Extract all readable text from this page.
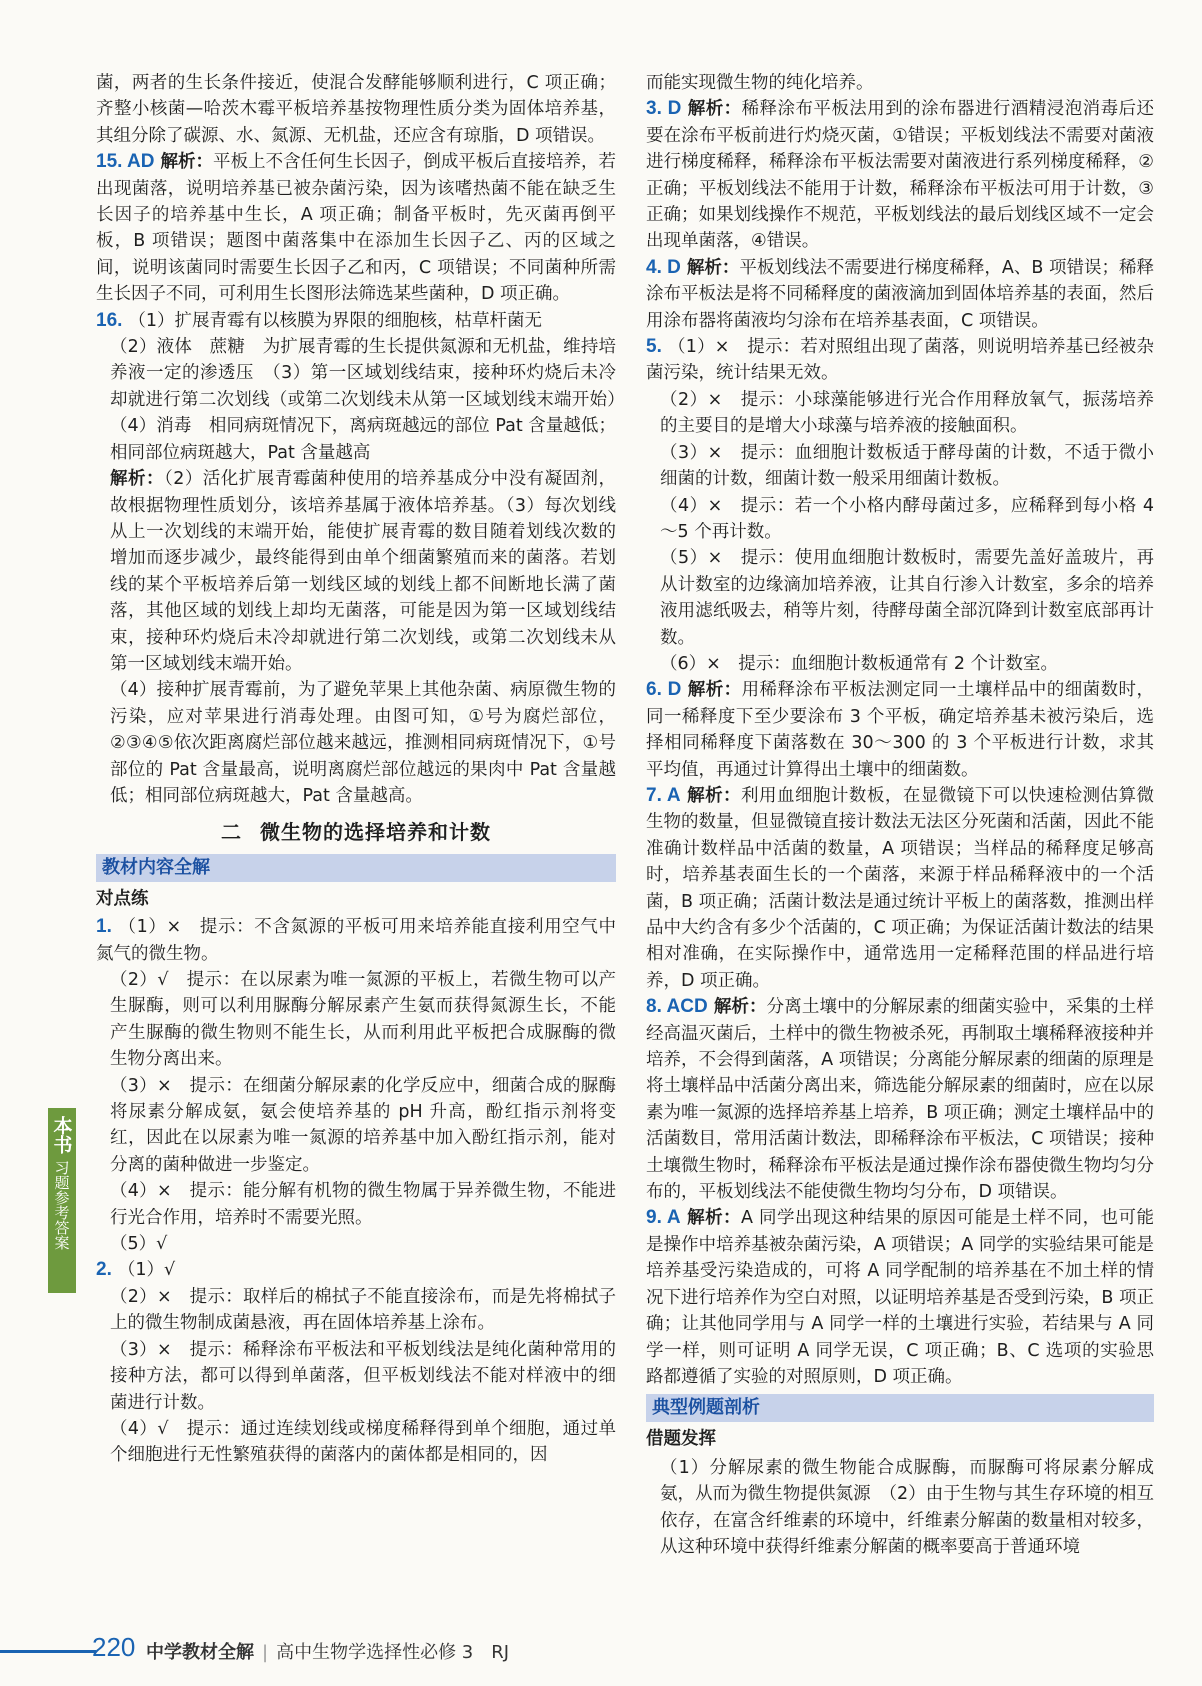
菌，两者的生长条件接近，使混合发酵能够顺利进行，C 项正确；齐整小核菌—哈茨木霉平板培养基按物理性质分类为固体培养基，其组分除了碳源、水、氮源、无机盐，还应含有琼脂，D 项错误。

15. AD 解析：平板上不含任何生长因子，倒成平板后直接培养，若出现菌落，说明培养基已被杂菌污染，因为该嗜热菌不能在缺乏生长因子的培养基中生长，A 项正确；制备平板时，先灭菌再倒平板，B 项错误；题图中菌落集中在添加生长因子乙、丙的区域之间，说明该菌同时需要生长因子乙和丙，C 项错误；不同菌种所需生长因子不同，可利用生长图形法筛选某些菌种，D 项正确。

16. （1）扩展青霉有以核膜为界限的细胞核，枯草杆菌无

（2）液体　蔗糖　为扩展青霉的生长提供氮源和无机盐，维持培养液一定的渗透压　（3）第一区域划线结束，接种环灼烧后未冷却就进行第二次划线（或第二次划线未从第一区域划线末端开始）（4）消毒　相同病斑情况下，离病斑越远的部位 Pat 含量越低；相同部位病斑越大，Pat 含量越高

解析：（2）活化扩展青霉菌种使用的培养基成分中没有凝固剂，故根据物理性质划分，该培养基属于液体培养基。（3）每次划线从上一次划线的末端开始，能使扩展青霉的数目随着划线次数的增加而逐步减少，最终能得到由单个细菌繁殖而来的菌落。若划线的某个平板培养后第一划线区域的划线上都不间断地长满了菌落，其他区域的划线上却均无菌落，可能是因为第一区域划线结束，接种环灼烧后未冷却就进行第二次划线，或第二次划线未从第一区域划线末端开始。

（4）接种扩展青霉前，为了避免苹果上其他杂菌、病原微生物的污染，应对苹果进行消毒处理。由图可知，①号为腐烂部位，②③④⑤依次距离腐烂部位越来越远，推测相同病斑情况下，①号部位的 Pat 含量最高，说明离腐烂部位越远的果肉中 Pat 含量越低；相同部位病斑越大，Pat 含量越高。

二 微生物的选择培养和计数
教材内容全解
对点练

1. （1）×　提示：不含氮源的平板可用来培养能直接利用空气中氮气的微生物。

（2）√　提示：在以尿素为唯一氮源的平板上，若微生物可以产生脲酶，则可以利用脲酶分解尿素产生氨而获得氮源生长，不能产生脲酶的微生物则不能生长，从而利用此平板把合成脲酶的微生物分离出来。

（3）×　提示：在细菌分解尿素的化学反应中，细菌合成的脲酶将尿素分解成氨，氨会使培养基的 pH 升高，酚红指示剂将变红，因此在以尿素为唯一氮源的培养基中加入酚红指示剂，能对分离的菌种做进一步鉴定。

（4）×　提示：能分解有机物的微生物属于异养微生物，不能进行光合作用，培养时不需要光照。

（5）√

2. （1）√

（2）×　提示：取样后的棉拭子不能直接涂布，而是先将棉拭子上的微生物制成菌悬液，再在固体培养基上涂布。

（3）×　提示：稀释涂布平板法和平板划线法是纯化菌种常用的接种方法，都可以得到单菌落，但平板划线法不能对样液中的细菌进行计数。

（4）√　提示：通过连续划线或梯度稀释得到单个细胞，通过单个细胞进行无性繁殖获得的菌落内的菌体都是相同的，因

而能实现微生物的纯化培养。

3. D 解析：稀释涂布平板法用到的涂布器进行酒精浸泡消毒后还要在涂布平板前进行灼烧灭菌，①错误；平板划线法不需要对菌液进行梯度稀释，稀释涂布平板法需要对菌液进行系列梯度稀释，②正确；平板划线法不能用于计数，稀释涂布平板法可用于计数，③正确；如果划线操作不规范，平板划线法的最后划线区域不一定会出现单菌落，④错误。

4. D 解析：平板划线法不需要进行梯度稀释，A、B 项错误；稀释涂布平板法是将不同稀释度的菌液滴加到固体培养基的表面，然后用涂布器将菌液均匀涂布在培养基表面，C 项错误。

5. （1）×　提示：若对照组出现了菌落，则说明培养基已经被杂菌污染，统计结果无效。

（2）×　提示：小球藻能够进行光合作用释放氧气，振荡培养的主要目的是增大小球藻与培养液的接触面积。

（3）×　提示：血细胞计数板适于酵母菌的计数，不适于微小细菌的计数，细菌计数一般采用细菌计数板。

（4）×　提示：若一个小格内酵母菌过多，应稀释到每小格 4～5 个再计数。

（5）×　提示：使用血细胞计数板时，需要先盖好盖玻片，再从计数室的边缘滴加培养液，让其自行渗入计数室，多余的培养液用滤纸吸去，稍等片刻，待酵母菌全部沉降到计数室底部再计数。

（6）×　提示：血细胞计数板通常有 2 个计数室。

6. D 解析：用稀释涂布平板法测定同一土壤样品中的细菌数时，同一稀释度下至少要涂布 3 个平板，确定培养基未被污染后，选择相同稀释度下菌落数在 30～300 的 3 个平板进行计数，求其平均值，再通过计算得出土壤中的细菌数。

7. A 解析：利用血细胞计数板，在显微镜下可以快速检测估算微生物的数量，但显微镜直接计数法无法区分死菌和活菌，因此不能准确计数样品中活菌的数量，A 项错误；当样品的稀释度足够高时，培养基表面生长的一个菌落，来源于样品稀释液中的一个活菌，B 项正确；活菌计数法是通过统计平板上的菌落数，推测出样品中大约含有多少个活菌的，C 项正确；为保证活菌计数法的结果相对准确，在实际操作中，通常选用一定稀释范围的样品进行培养，D 项正确。

8. ACD 解析：分离土壤中的分解尿素的细菌实验中，采集的土样经高温灭菌后，土样中的微生物被杀死，再制取土壤稀释液接种并培养，不会得到菌落，A 项错误；分离能分解尿素的细菌的原理是将土壤样品中活菌分离出来，筛选能分解尿素的细菌时，应在以尿素为唯一氮源的选择培养基上培养，B 项正确；测定土壤样品中的活菌数目，常用活菌计数法，即稀释涂布平板法，C 项错误；接种土壤微生物时，稀释涂布平板法是通过操作涂布器使微生物均匀分布的，平板划线法不能使微生物均匀分布，D 项错误。

9. A 解析：A 同学出现这种结果的原因可能是土样不同，也可能是操作中培养基被杂菌污染，A 项错误；A 同学的实验结果可能是培养基受污染造成的，可将 A 同学配制的培养基在不加土样的情况下进行培养作为空白对照，以证明培养基是否受到污染，B 项正确；让其他同学用与 A 同学一样的土壤进行实验，若结果与 A 同学一样，则可证明 A 同学无误，C 项正确；B、C 选项的实验思路都遵循了实验的对照原则，D 项正确。

典型例题剖析
借题发挥

（1）分解尿素的微生物能合成脲酶，而脲酶可将尿素分解成氨，从而为微生物提供氮源　（2）由于生物与其生存环境的相互依存，在富含纤维素的环境中，纤维素分解菌的数量相对较多，从这种环境中获得纤维素分解菌的概率要高于普通环境

本书
习题参考答案
220 中学教材全解 | 高中生物学选择性必修 3　RJ
